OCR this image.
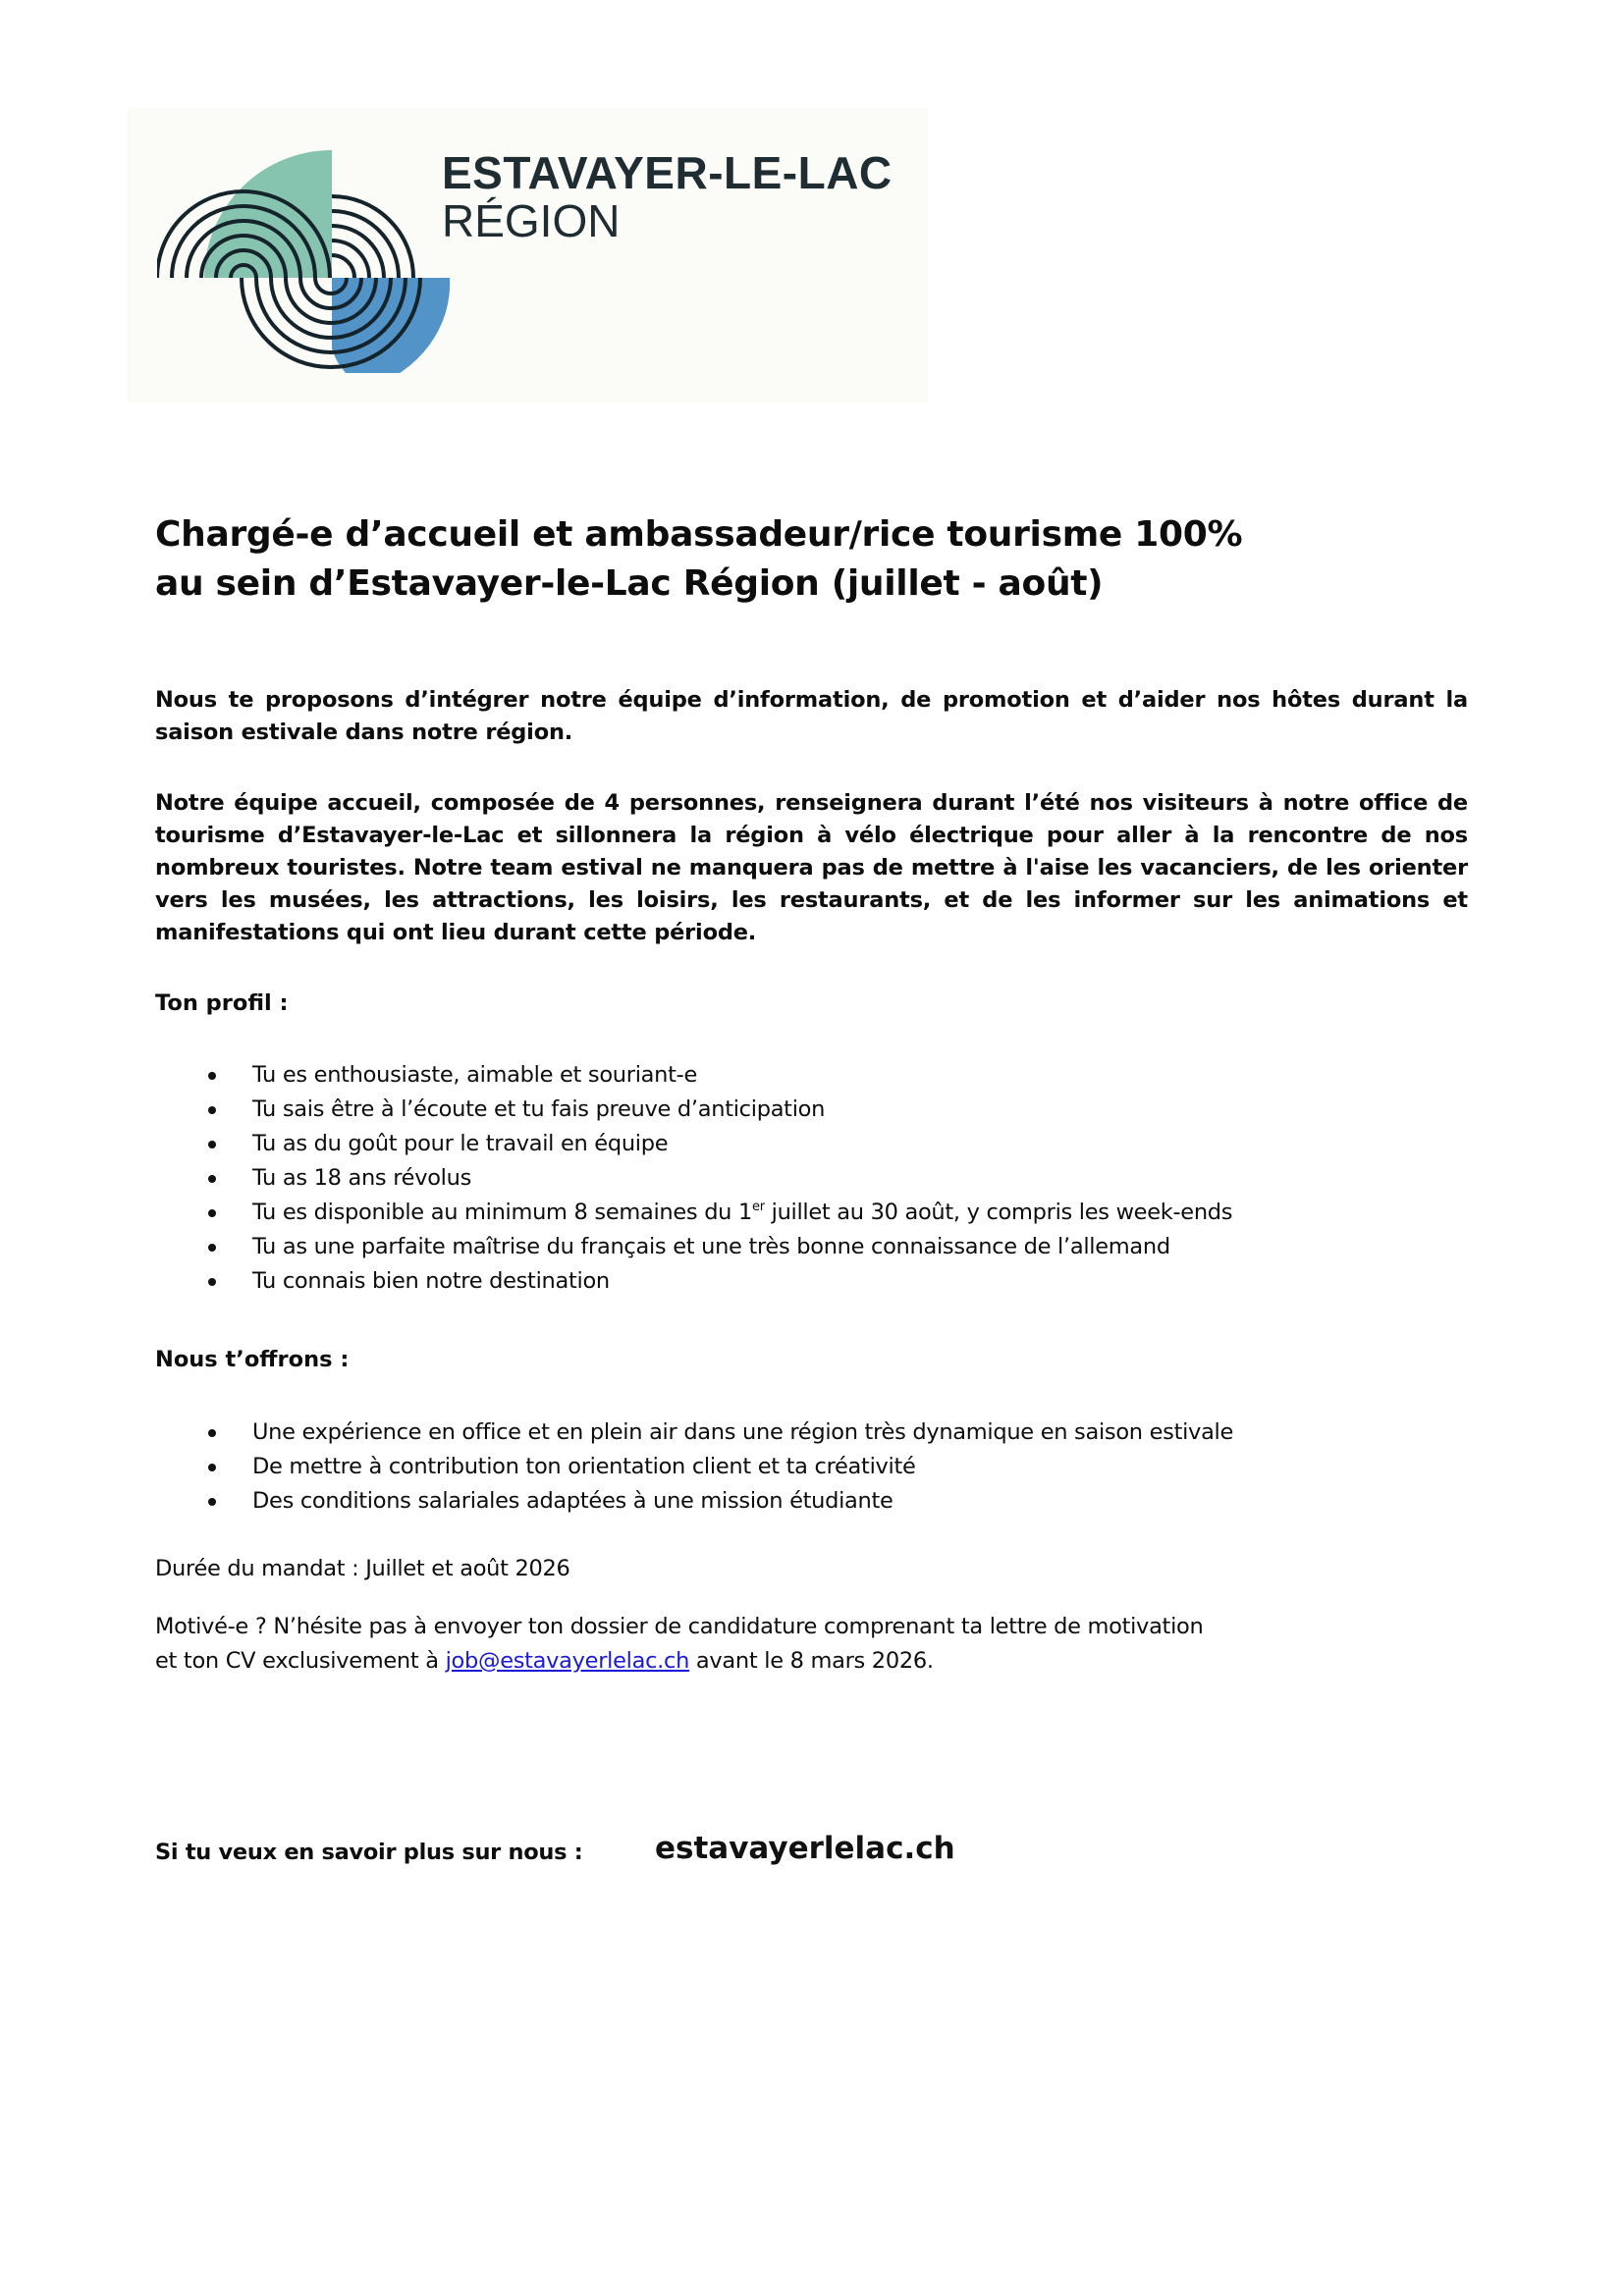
ESTAVAYER-LE-LAC
RÉGION
Chargé-e d’accueil et ambassadeur/rice tourisme 100%
au sein d’Estavayer-le-Lac Région (juillet - août)

Nous te proposons d’intégrer notre équipe d’information, de promotion et d’aider nos hôtes durant la saison estivale dans notre région.

Notre équipe accueil, composée de 4 personnes, renseignera durant l’été nos visiteurs à notre office de tourisme d’Estavayer-le-Lac et sillonnera la région à vélo électrique pour aller à la rencontre de nos nombreux touristes. Notre team estival ne manquera pas de mettre à l'aise les vacanciers, de les orienter vers les musées, les attractions, les loisirs, les restaurants, et de les informer sur les animations et manifestations qui ont lieu durant cette période.

Ton profil :
Tu es enthousiaste, aimable et souriant-e
Tu sais être à l’écoute et tu fais preuve d’anticipation
Tu as du goût pour le travail en équipe
Tu as 18 ans révolus
Tu es disponible au minimum 8 semaines du 1er juillet au 30 août, y compris les week-ends
Tu as une parfaite maîtrise du français et une très bonne connaissance de l’allemand
Tu connais bien notre destination
Nous t’offrons :
Une expérience en office et en plein air dans une région très dynamique en saison estivale
De mettre à contribution ton orientation client et ta créativité
Des conditions salariales adaptées à une mission étudiante

Durée du mandat : Juillet et août 2026

Motivé-e ? N’hésite pas à envoyer ton dossier de candidature comprenant ta lettre de motivation
et ton CV exclusivement à job@estavayerlelac.ch avant le 8 mars 2026.
Si tu veux en savoir plus sur nous : estavayerlelac.ch
